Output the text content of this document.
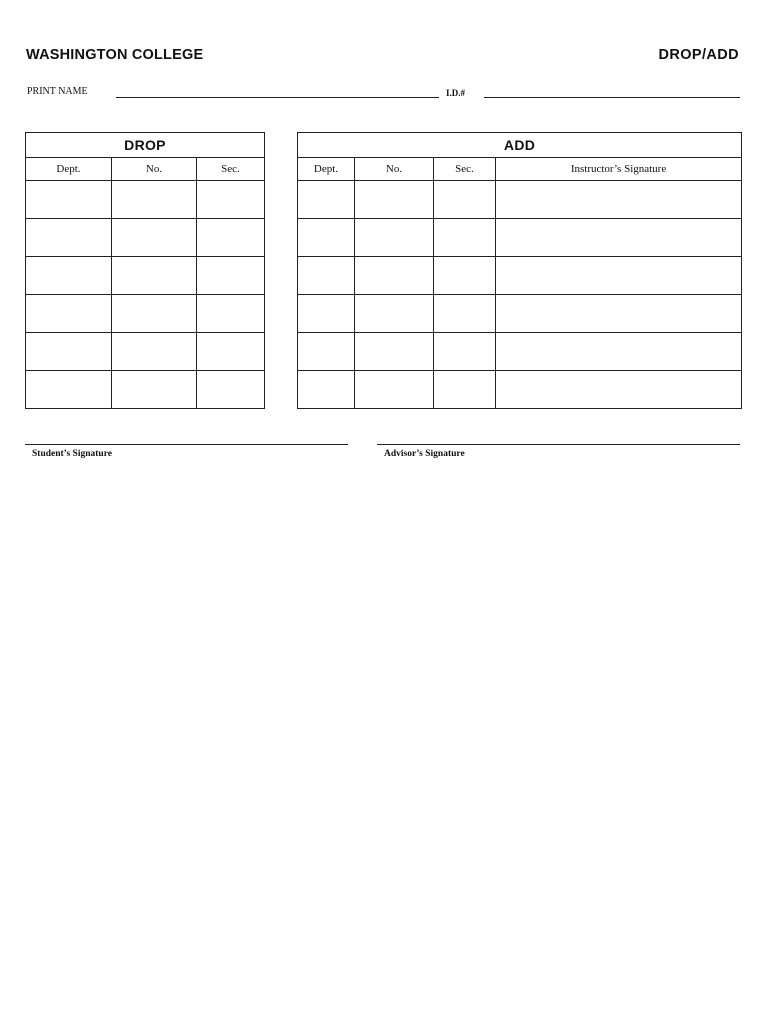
WASHINGTON COLLEGE	DROP/ADD
PRINT NAME	I.D.#
DROP		
Dept.	No.	Sec.

ADD			
Dept.	No.	Sec.	Instructor’s Signature

Student’s Signature	Advisor’s Signature
